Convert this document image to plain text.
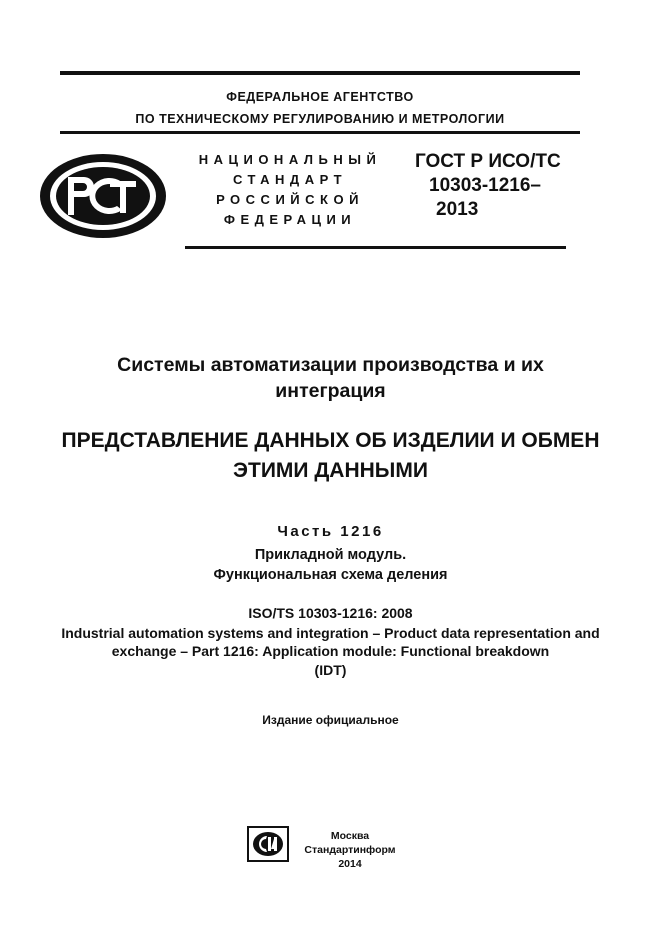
ФЕДЕРАЛЬНОЕ АГЕНТСТВО
ПО ТЕХНИЧЕСКОМУ РЕГУЛИРОВАНИЮ И МЕТРОЛОГИИ
НАЦИОНАЛЬНЫЙ
СТАНДАРТ
РОССИЙСКОЙ
ФЕДЕРАЦИИ
ГОСТ Р ИСО/ТС
10303-1216–
2013
Системы автоматизации производства и их
интеграция
ПРЕДСТАВЛЕНИЕ ДАННЫХ ОБ ИЗДЕЛИИ И ОБМЕН
ЭТИМИ ДАННЫМИ
Часть 1216
Прикладной модуль.
Функциональная схема деления
ISO/TS 10303-1216: 2008
Industrial automation systems and integration – Product data representation and
exchange – Part 1216: Application module: Functional breakdown
(IDT)
Издание официальное
Москва
Стандартинформ
2014
